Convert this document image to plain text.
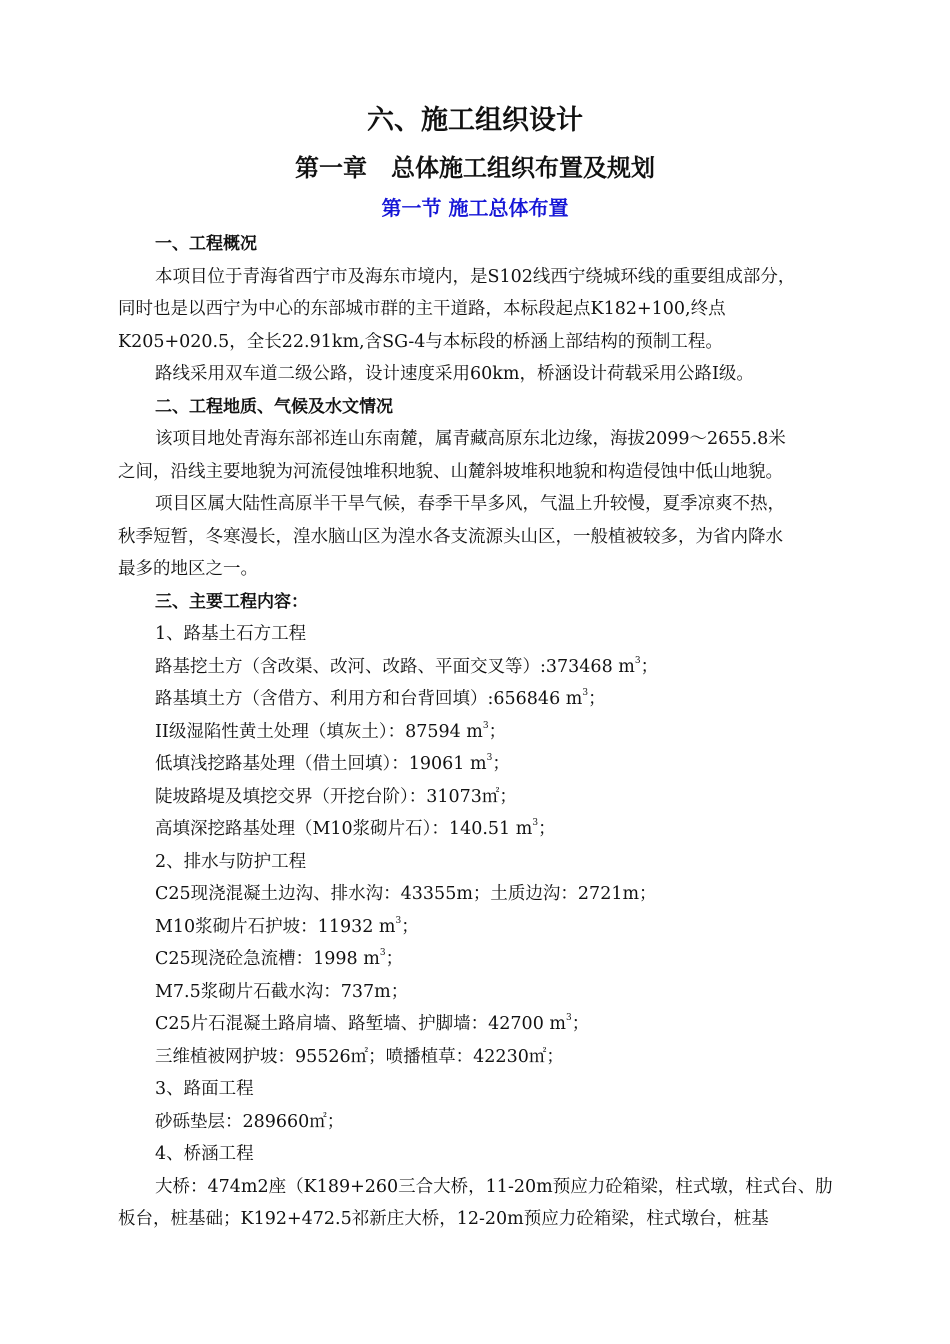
六、施工组织设计
第一章　总体施工组织布置及规划
第一节 施工总体布置
一、工程概况
本项目位于青海省西宁市及海东市境内，是S102线西宁绕城环线的重要组成部分，
同时也是以西宁为中心的东部城市群的主干道路，本标段起点K182+100,终点
K205+020.5，全长22.91km,含SG-4与本标段的桥涵上部结构的预制工程。
路线采用双车道二级公路，设计速度采用60km，桥涵设计荷载采用公路Ⅰ级。
二、工程地质、气候及水文情况
该项目地处青海东部祁连山东南麓，属青藏高原东北边缘，海拔2099～2655.8米
之间，沿线主要地貌为河流侵蚀堆积地貌、山麓斜坡堆积地貌和构造侵蚀中低山地貌。
项目区属大陆性高原半干旱气候，春季干旱多风，气温上升较慢，夏季凉爽不热，
秋季短暂，冬寒漫长，湟水脑山区为湟水各支流源头山区，一般植被较多，为省内降水
最多的地区之一。
三、主要工程内容：
1、路基土石方工程
路基挖土方（含改渠、改河、改路、平面交叉等）:373468 $m^3$；
路基填土方（含借方、利用方和台背回填）:656846 $m^3$；
II级湿陷性黄土处理（填灰土）：87594 $m^3$；
低填浅挖路基处理（借土回填）：19061 $m^3$；
陡坡路堤及填挖交界（开挖台阶）：31073㎡；
高填深挖路基处理（M10浆砌片石）：140.51 $m^3$；
2、排水与防护工程
C25现浇混凝土边沟、排水沟：43355m；土质边沟：2721m；
M10浆砌片石护坡：11932 $m^3$；
C25现浇砼急流槽：1998 $m^3$；
M7.5浆砌片石截水沟：737m；
C25片石混凝土路肩墙、路堑墙、护脚墙：42700 $m^3$；
三维植被网护坡：95526㎡；喷播植草：42230㎡；
3、路面工程
砂砾垫层：289660㎡；
4、桥涵工程
大桥：474m2座（K189+260三合大桥，11-20m预应力砼箱梁，柱式墩，柱式台、肋
板台，桩基础；K192+472.5祁新庄大桥，12-20m预应力砼箱梁，柱式墩台，桩基
